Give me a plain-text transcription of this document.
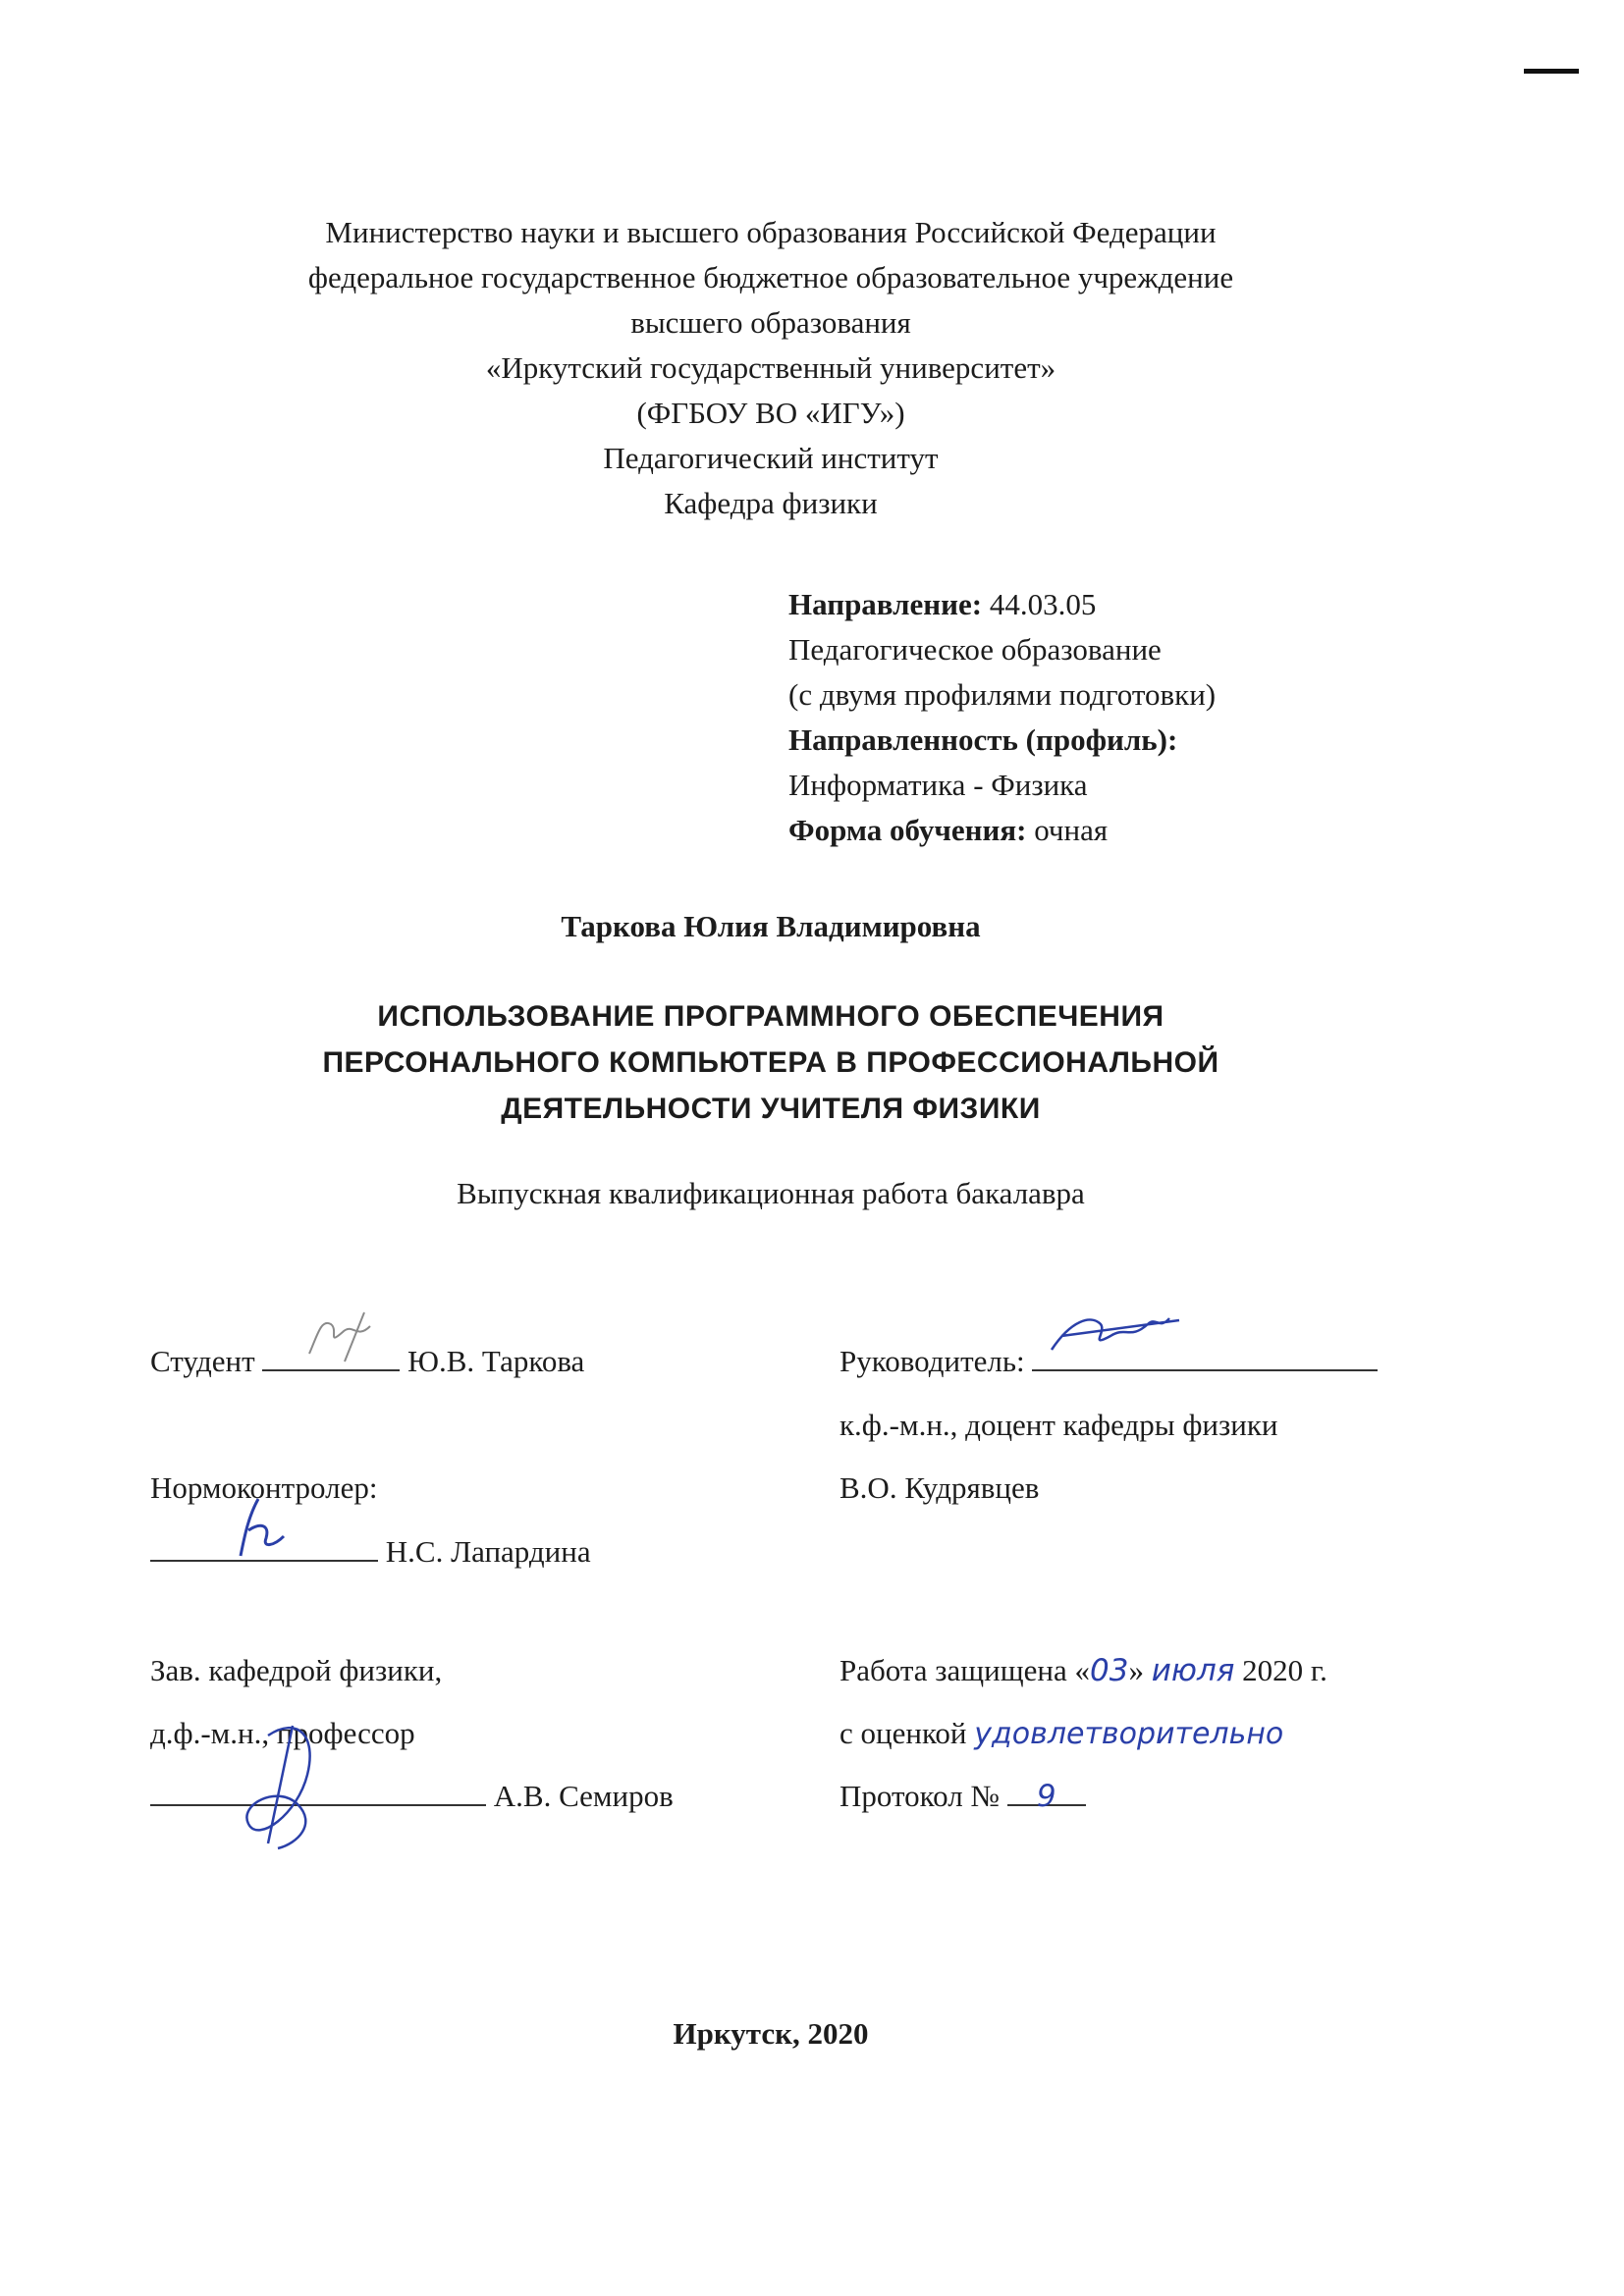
Министерство науки и высшего образования Российской Федерации
федеральное государственное бюджетное образовательное учреждение
высшего образования
«Иркутский государственный университет»
(ФГБОУ ВО «ИГУ»)
Педагогический институт
Кафедра физики
Направление: 44.03.05
Педагогическое образование
(с двумя профилями подготовки)
Направленность (профиль):
Информатика - Физика
Форма обучения: очная
Таркова Юлия Владимировна
ИСПОЛЬЗОВАНИЕ ПРОГРАММНОГО ОБЕСПЕЧЕНИЯ
ПЕРСОНАЛЬНОГО КОМПЬЮТЕРА В ПРОФЕССИОНАЛЬНОЙ
ДЕЯТЕЛЬНОСТИ УЧИТЕЛЯ ФИЗИКИ
Выпускная квалификационная работа бакалавра
Студент	Ю.В. Таркова
Нормоконтролер:
Н.С. Лапардина
Зав. кафедрой физики,
д.ф.-м.н., профессор
А.В. Семиров
Руководитель:
к.ф.-м.н., доцент кафедры физики
В.О. Кудрявцев
Работа защищена «03» июля 2020 г.
с оценкой удовлетворительно
Протокол № 9
Иркутск, 2020
